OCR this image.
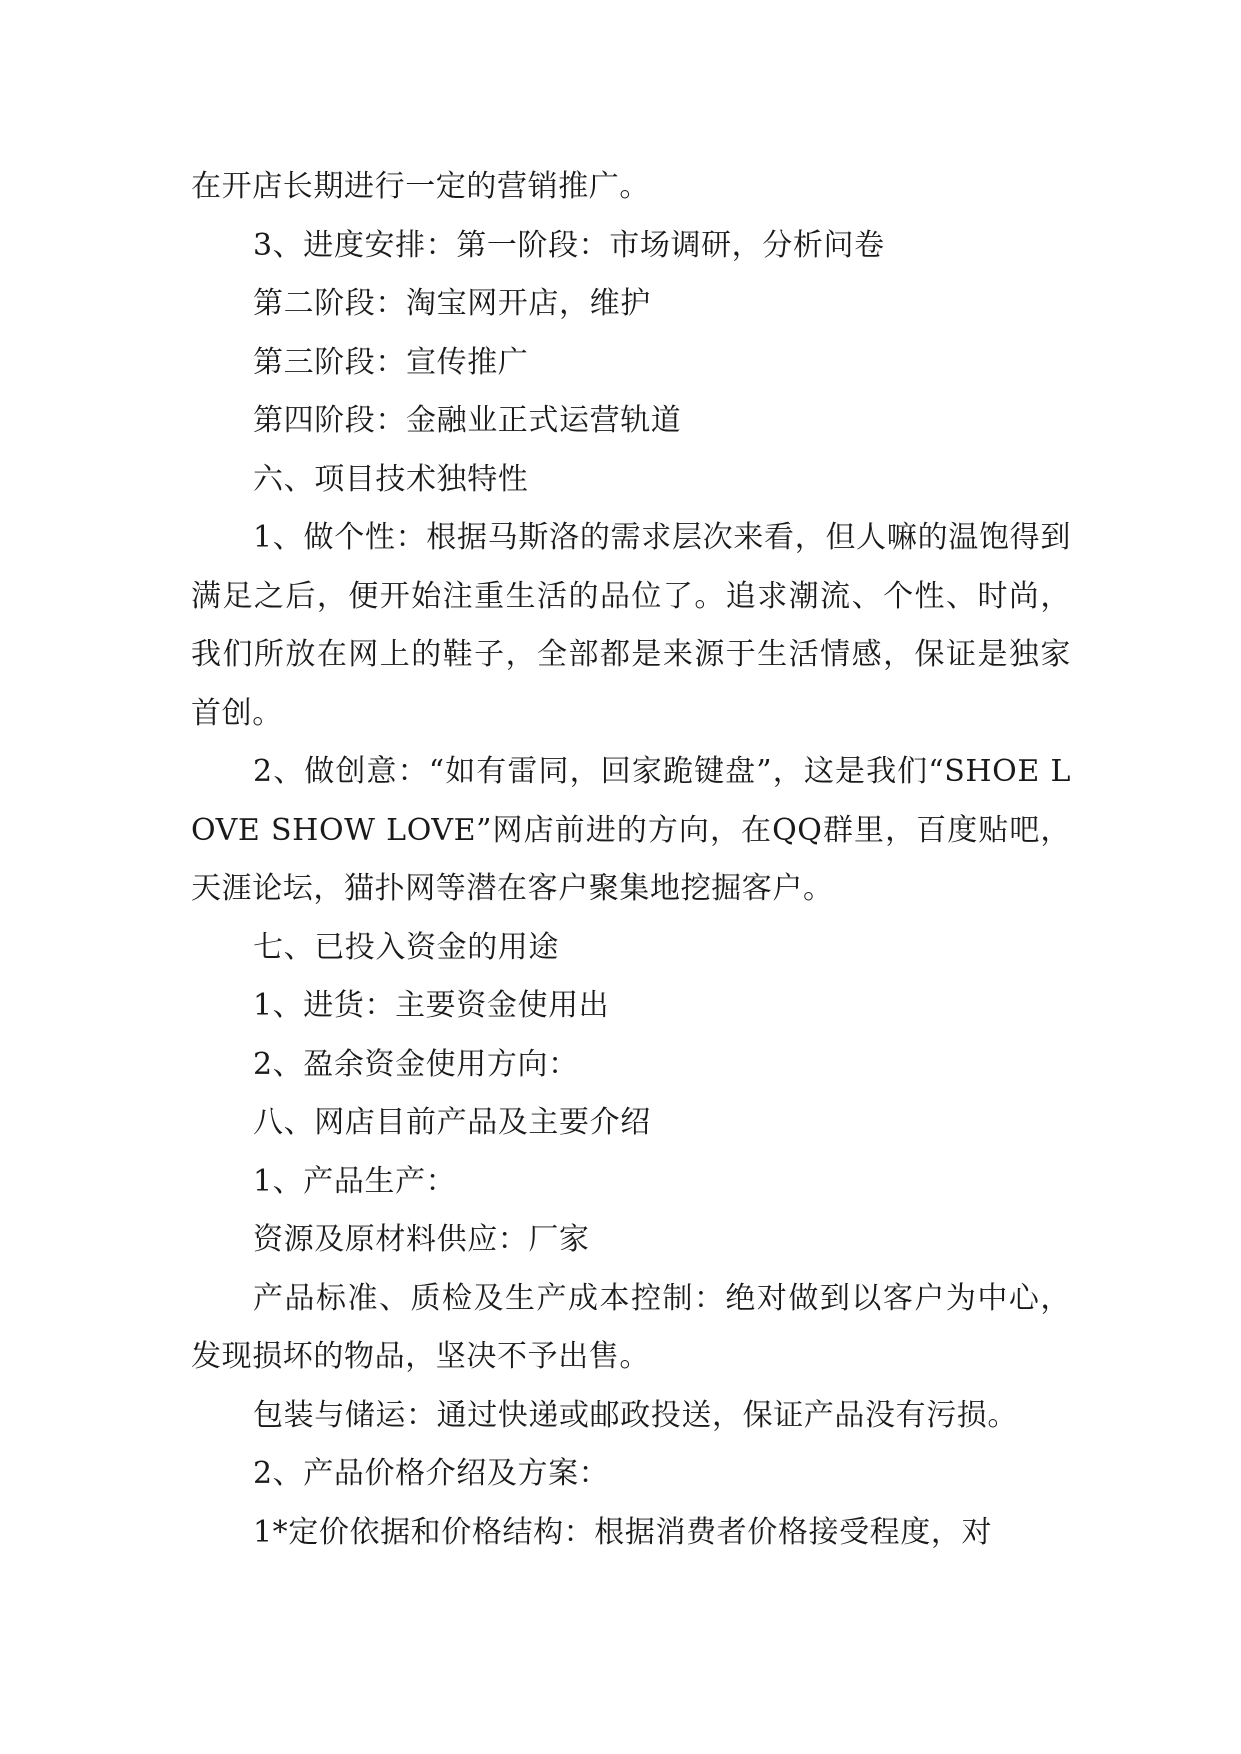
在开店长期进行一定的营销推广。

3、进度安排：第一阶段：市场调研，分析问卷

第二阶段：淘宝网开店，维护

第三阶段：宣传推广

第四阶段：金融业正式运营轨道

六、项目技术独特性

1、做个性：根据马斯洛的需求层次来看，但人嘛的温饱得到满足之后，便开始注重生活的品位了。追求潮流、个性、时尚，我们所放在网上的鞋子，全部都是来源于生活情感，保证是独家首创。

2、做创意：“如有雷同，回家跪键盘”，这是我们“SHOE LOVE SHOW LOVE”网店前进的方向，在QQ群里，百度贴吧，天涯论坛，猫扑网等潜在客户聚集地挖掘客户。

七、已投入资金的用途

1、进货：主要资金使用出

2、盈余资金使用方向：

八、网店目前产品及主要介绍

1、产品生产：

资源及原材料供应：厂家

产品标准、质检及生产成本控制：绝对做到以客户为中心，发现损坏的物品，坚决不予出售。

包装与储运：通过快递或邮政投送，保证产品没有污损。

2、产品价格介绍及方案：

1*定价依据和价格结构：根据消费者价格接受程度，对
